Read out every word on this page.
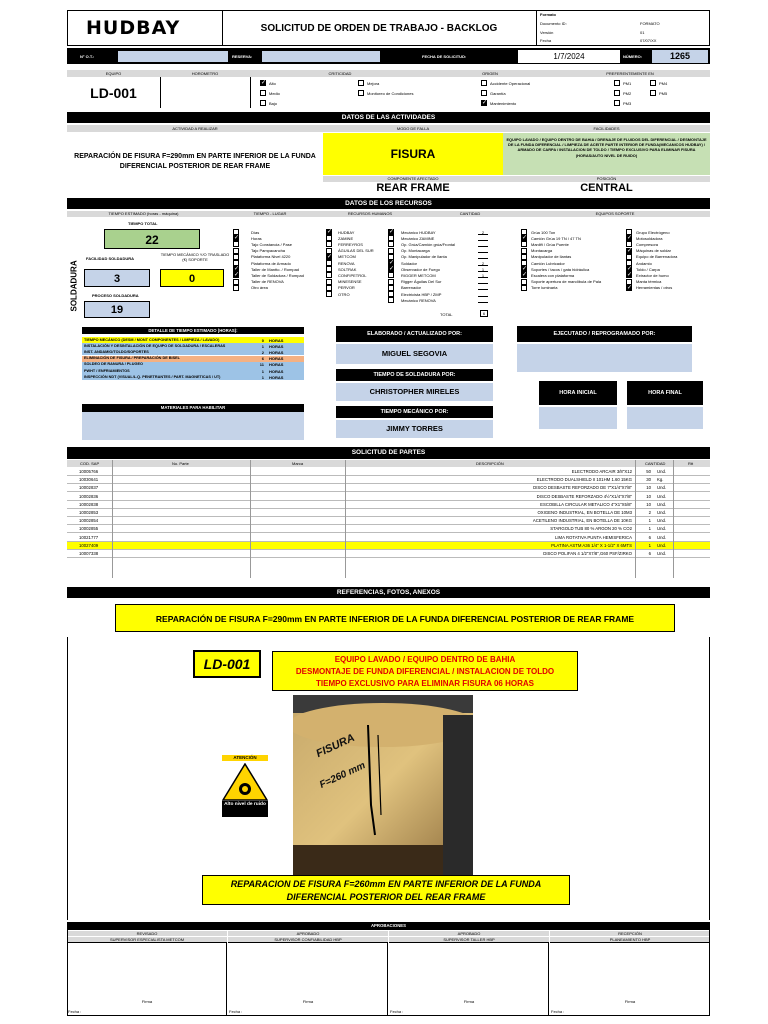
HUDBAY	SOLICITUD DE ORDEN DE TRABAJO - BACKLOG
Formato
Documento ID:	FORMATO
Versión	01
Fecha	07/07/XX
N° O.T.:	RESERVA:	FECHA DE SOLICITUD:	1/7/2024	NÚMERO:	1265
EQUIPO	HOROMETRO	CRITICIDAD	ORIGEN	PREFERENTEMENTE EN
LD-001
✓ Alto
Medio
Bajo
Mejora
Monitoreo de Condiciones
Accidente Operacional
Garantía
✓ Mantenimiento
PM1	PM4
PM2	PM5
PM3
DATOS DE LAS ACTIVIDADES
ACTIVIDAD A REALIZAR	MODO DE FALLA	FACILIDADES
REPARACIÓN DE FISURA F=290mm EN PARTE INFERIOR DE LA FUNDA DIFERENCIAL POSTERIOR DE REAR FRAME
FISURA
EQUIPO LAVADO / EQUIPO DENTRO DE BAHIA / DRENAJE DE FLUIDOS DEL DIFERENCIAL / DESMONTAJE DE LA FUNDA DIFERENCIAL / LIMPIEZA DE ACEITE PARTE INTERIOR DE FUNDA(MECANICOS HUDBAY) / ARMADO DE CARPA / INSTALACION DE TOLDO / TIEMPO EXCLUSIVO PARA ELIMINAR FISURA (HORAS/AUTO NIVEL DE RUIDO)
COMPONENTE AFECTADO	POSICIÓN
REAR FRAME	CENTRAL
DATOS DE LOS RECURSOS
TIEMPO ESTIMADO (horas - máquina)	TIEMPO - LUGAR	RECURSOS HUMANOS	CANTIDAD	EQUIPOS SOPORTE
TIEMPO TOTAL
22
SOLDADURA
FACILIDAD SOLDADURA
3
TIEMPO MECÁNICO Y/O TRASLADO (€) SOPORTE
0
PROCESO SOLDADURA
19
Días
✓	Horas
Tajo Constancia / Pase
Tajo Pampacancha
Plataforma Nivel 4220
Plataforma de Armado
✓	Taller de Mantto. / Rompad
✓	Taller de Soldadura / Rompad
Taller de RENOVA
Otro área
✓ HUDBAY
ZAMINE
FERREYROS
ÁGUILAS DEL SUR
✓ METCOM
RENOVA
SOLTRAK
CONFIPETROL
MINESENSE
PERVOR
OTRO
✓ Mecánico HUDBAY	2
Mecánico ZAMINE
Op. Grúa/Camión grúa/Frontal
Op. Montacarga
Op. Manipulador de llanta
✓ Soldador	2
✓ Observador de Fuego	1
RIGGER METCOM	1
Rigger Águilas Del Sur
Barrenador
Electricista HBP / ZMP
Mecánico RENOVA
Grúa 100 Ton
✓ Camión Grúa 19 TN / 47 TN
Manlift / Grúa Puente
Montacarga
Manipulador de llantas
Camión Lubricador
✓ Soportes / tacos / gata hidráulica
✓ Escalera con plataforma
Soporte apertura de mandíbula de Pala
Torre luminaria
Grupo Electrógeno
✓ Motosoldadora
Compresora
✓ Máquinas de soldar
Equipo de Barrenadora
Andamio
✓ Toldo / Carpa
✓ Extractor de humo
Manta térmica
✓ Herramientas / otros
TOTAL	6
DETALLE DE TIEMPO ESTIMADO (HORAS):
TIEMPO MECÁNICO (DESM / MONT COMPONENTES / LIMPIEZA / LAVADO)	0 HORAS
INSTALACIÓN Y DESINTALACIÓN DE EQUIPO DE SOLDADURA / ESCALERAS	1 HORAS
INST. ANDAMIO/TOLDO/SOPORTES	2 HORAS
ELIMINACIÓN DE FISURA / PREPARACIÓN DE BISEL	6 HORAS
SOLDEO DE RANURA / PLUGEO	11 HORAS
PWHT / ENFRIAMIENTOS	1 HORAS
INSPECCIÓN NDT (VISUAL/L.Q. PENETRANTES / PART. MAGNETICAS / UT)	1 HORAS
MATERIALES PARA HABILITAR
ELABORADO / ACTUALIZADO POR:
MIGUEL SEGOVIA
TIEMPO DE SOLDADURA POR:
CHRISTOPHER MIRELES
TIEMPO MECÁNICO POR:
JIMMY TORRES
EJECUTADO / REPROGRAMADO POR:
HORA INICIAL	HORA FINAL
SOLICITUD DE PARTES
COD. SAP	No. Parte	Marca	DESCRIPCIÓN	CANTIDAD	Rtt
10005766	ELECTRODO ARCAIR 3/8"X12	50 Und.
10030641	ELECTRODO DUALSHIELD II 101HM 1.60 15KG	30 Kg.
10002837	DISCO DESBASTE REFORZADO DE 7"X1/4"X7/8"	10 Und.
10002836	DISCO DESBASTE REFORZADO 4½"X1/4"X7/8"	10 Und.
10002838	ESCOBILLA CIRCULAR METALICO 4"X1"X5/8"	10 Und.
10002853	OXIGENO INDUSTRIAL, EN BOTELLA DE 10M3	2 Und.
10002854	ACETILENO INDUSTRIAL, EN BOTELLA DE 10KG	1 Und.
10002855	STARGOLD TUB 80 % ARGON 20 % CO2	1 Und.
10021777	LIMA ROTATIVA PUNTA HEMISFERICA	6 Und.
10027409	PLATINA ASTM A36 1/4" X 1-1/2" X 6MTS	1 Und.
10007338	DISCO POLIFAN 4 1/2"X7/8",G60 PSF/ZIRKO	6 Und.
REFERENCIAS, FOTOS, ANEXOS
REPARACIÓN DE FISURA F=290mm EN PARTE INFERIOR DE LA FUNDA DIFERENCIAL POSTERIOR DE REAR FRAME
LD-001	EQUIPO LAVADO / EQUIPO DENTRO DE BAHIA
DESMONTAJE DE FUNDA DIFERENCIAL / INSTALACION DE TOLDO
TIEMPO EXCLUSIVO PARA ELIMINAR FISURA 06 HORAS
ATENCIÓN
Alto nivel de ruido
FISURA
F=260 mm
REPARACION DE FISURA F=260mm EN PARTE INFERIOR DE LA FUNDA DIFERENCIAL POSTERIOR DEL REAR FRAME
APROBACIONES
REVISADO
SUPERVISOR ESPECIALISTA METCOM
Firma
Fecha :
APROBADO
SUPERVISOR CONFIABILIDAD HBP
Firma
Fecha :
APROBADO
SUPERVISOR TALLER HBP
Firma
Fecha :
RECEPCIÓN
PLANEAMIENTO HBP
Firma
Fecha :
